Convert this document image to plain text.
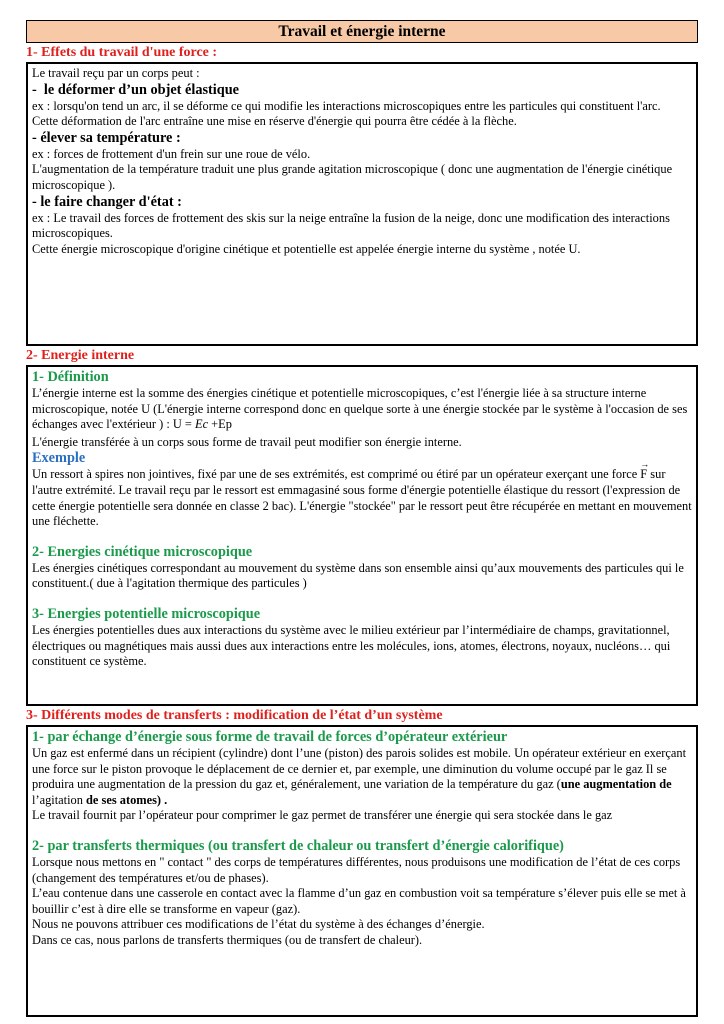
Travail et énergie interne
1- Effets du travail d'une force :

Le travail reçu par un corps peut :

-  le déformer d’un objet élastique

ex : lorsqu'on tend un arc, il se déforme ce qui modifie les interactions microscopiques entre les particules qui constituent l'arc.

Cette déformation de l'arc entraîne une mise en réserve d'énergie qui pourra être cédée à la flèche.

- élever sa température :

ex : forces de frottement d'un frein sur une roue de vélo.

L'augmentation de la température traduit une plus grande agitation microscopique ( donc une augmentation de l'énergie cinétique microscopique ).

- le faire changer d'état :

ex : Le travail des forces de frottement des skis sur la neige entraîne la fusion de la neige, donc une modification des interactions microscopiques.

Cette énergie microscopique d'origine cinétique et potentielle est appelée énergie interne du système , notée U.

2- Energie interne

1- Définition

L’énergie interne est la somme des énergies cinétique et potentielle microscopiques, c’est l'énergie liée à sa structure interne microscopique, notée U (L'énergie interne correspond donc en quelque sorte à une énergie stockée par le système à l'occasion de ses échanges avec l'extérieur ) : U = Ec +Ep

L'énergie transférée à un corps sous forme de travail peut modifier son énergie interne.

Exemple

Un ressort à spires non jointives, fixé par une de ses extrémités, est comprimé ou étiré par un opérateur exerçant une force → F sur l'autre extrémité. Le travail reçu par le ressort est emmagasiné sous forme d'énergie potentielle élastique du ressort (l'expression de cette énergie potentielle sera donnée en classe 2 bac). L'énergie "stockée" par le ressort peut être récupérée en mettant en mouvement une fléchette.

2- Energies cinétique microscopique

Les énergies cinétiques correspondant au mouvement du système dans son ensemble ainsi qu’aux mouvements des particules qui le constituent.( due à l'agitation thermique des particules )

3- Energies potentielle microscopique

Les énergies potentielles dues aux interactions du système avec le milieu extérieur par l’intermédiaire de champs, gravitationnel, électriques ou magnétiques mais aussi dues aux interactions entre les molécules, ions, atomes, électrons, noyaux, nucléons… qui constituent ce système.

3- Différents modes de transferts : modification de l’état d’un système

1- par échange d’énergie sous forme de travail de forces d’opérateur extérieur

Un gaz est enfermé dans un récipient (cylindre) dont l’une (piston) des parois solides est mobile. Un opérateur extérieur en exerçant une force sur le piston provoque le déplacement de ce dernier et, par exemple, une diminution du volume occupé par le gaz Il se produira une augmentation de la pression du gaz et, généralement, une variation de la température du gaz (une augmentation de l’agitation de ses atomes) .

Le travail fournit par l’opérateur pour comprimer le gaz permet de transférer une énergie qui sera stockée dans le gaz

2- par transferts thermiques (ou transfert de chaleur ou transfert d’énergie calorifique)

Lorsque nous mettons en " contact " des corps de températures différentes, nous produisons une modification de l’état de ces corps (changement des températures et/ou de phases).

L’eau contenue dans une casserole en contact avec la flamme d’un gaz en combustion voit sa température s’élever puis elle se met à bouillir c’est à dire elle se transforme en vapeur (gaz).

Nous ne pouvons attribuer ces modifications de l’état du système à des échanges d’énergie.

Dans ce cas, nous parlons de transferts thermiques (ou de transfert de chaleur).
